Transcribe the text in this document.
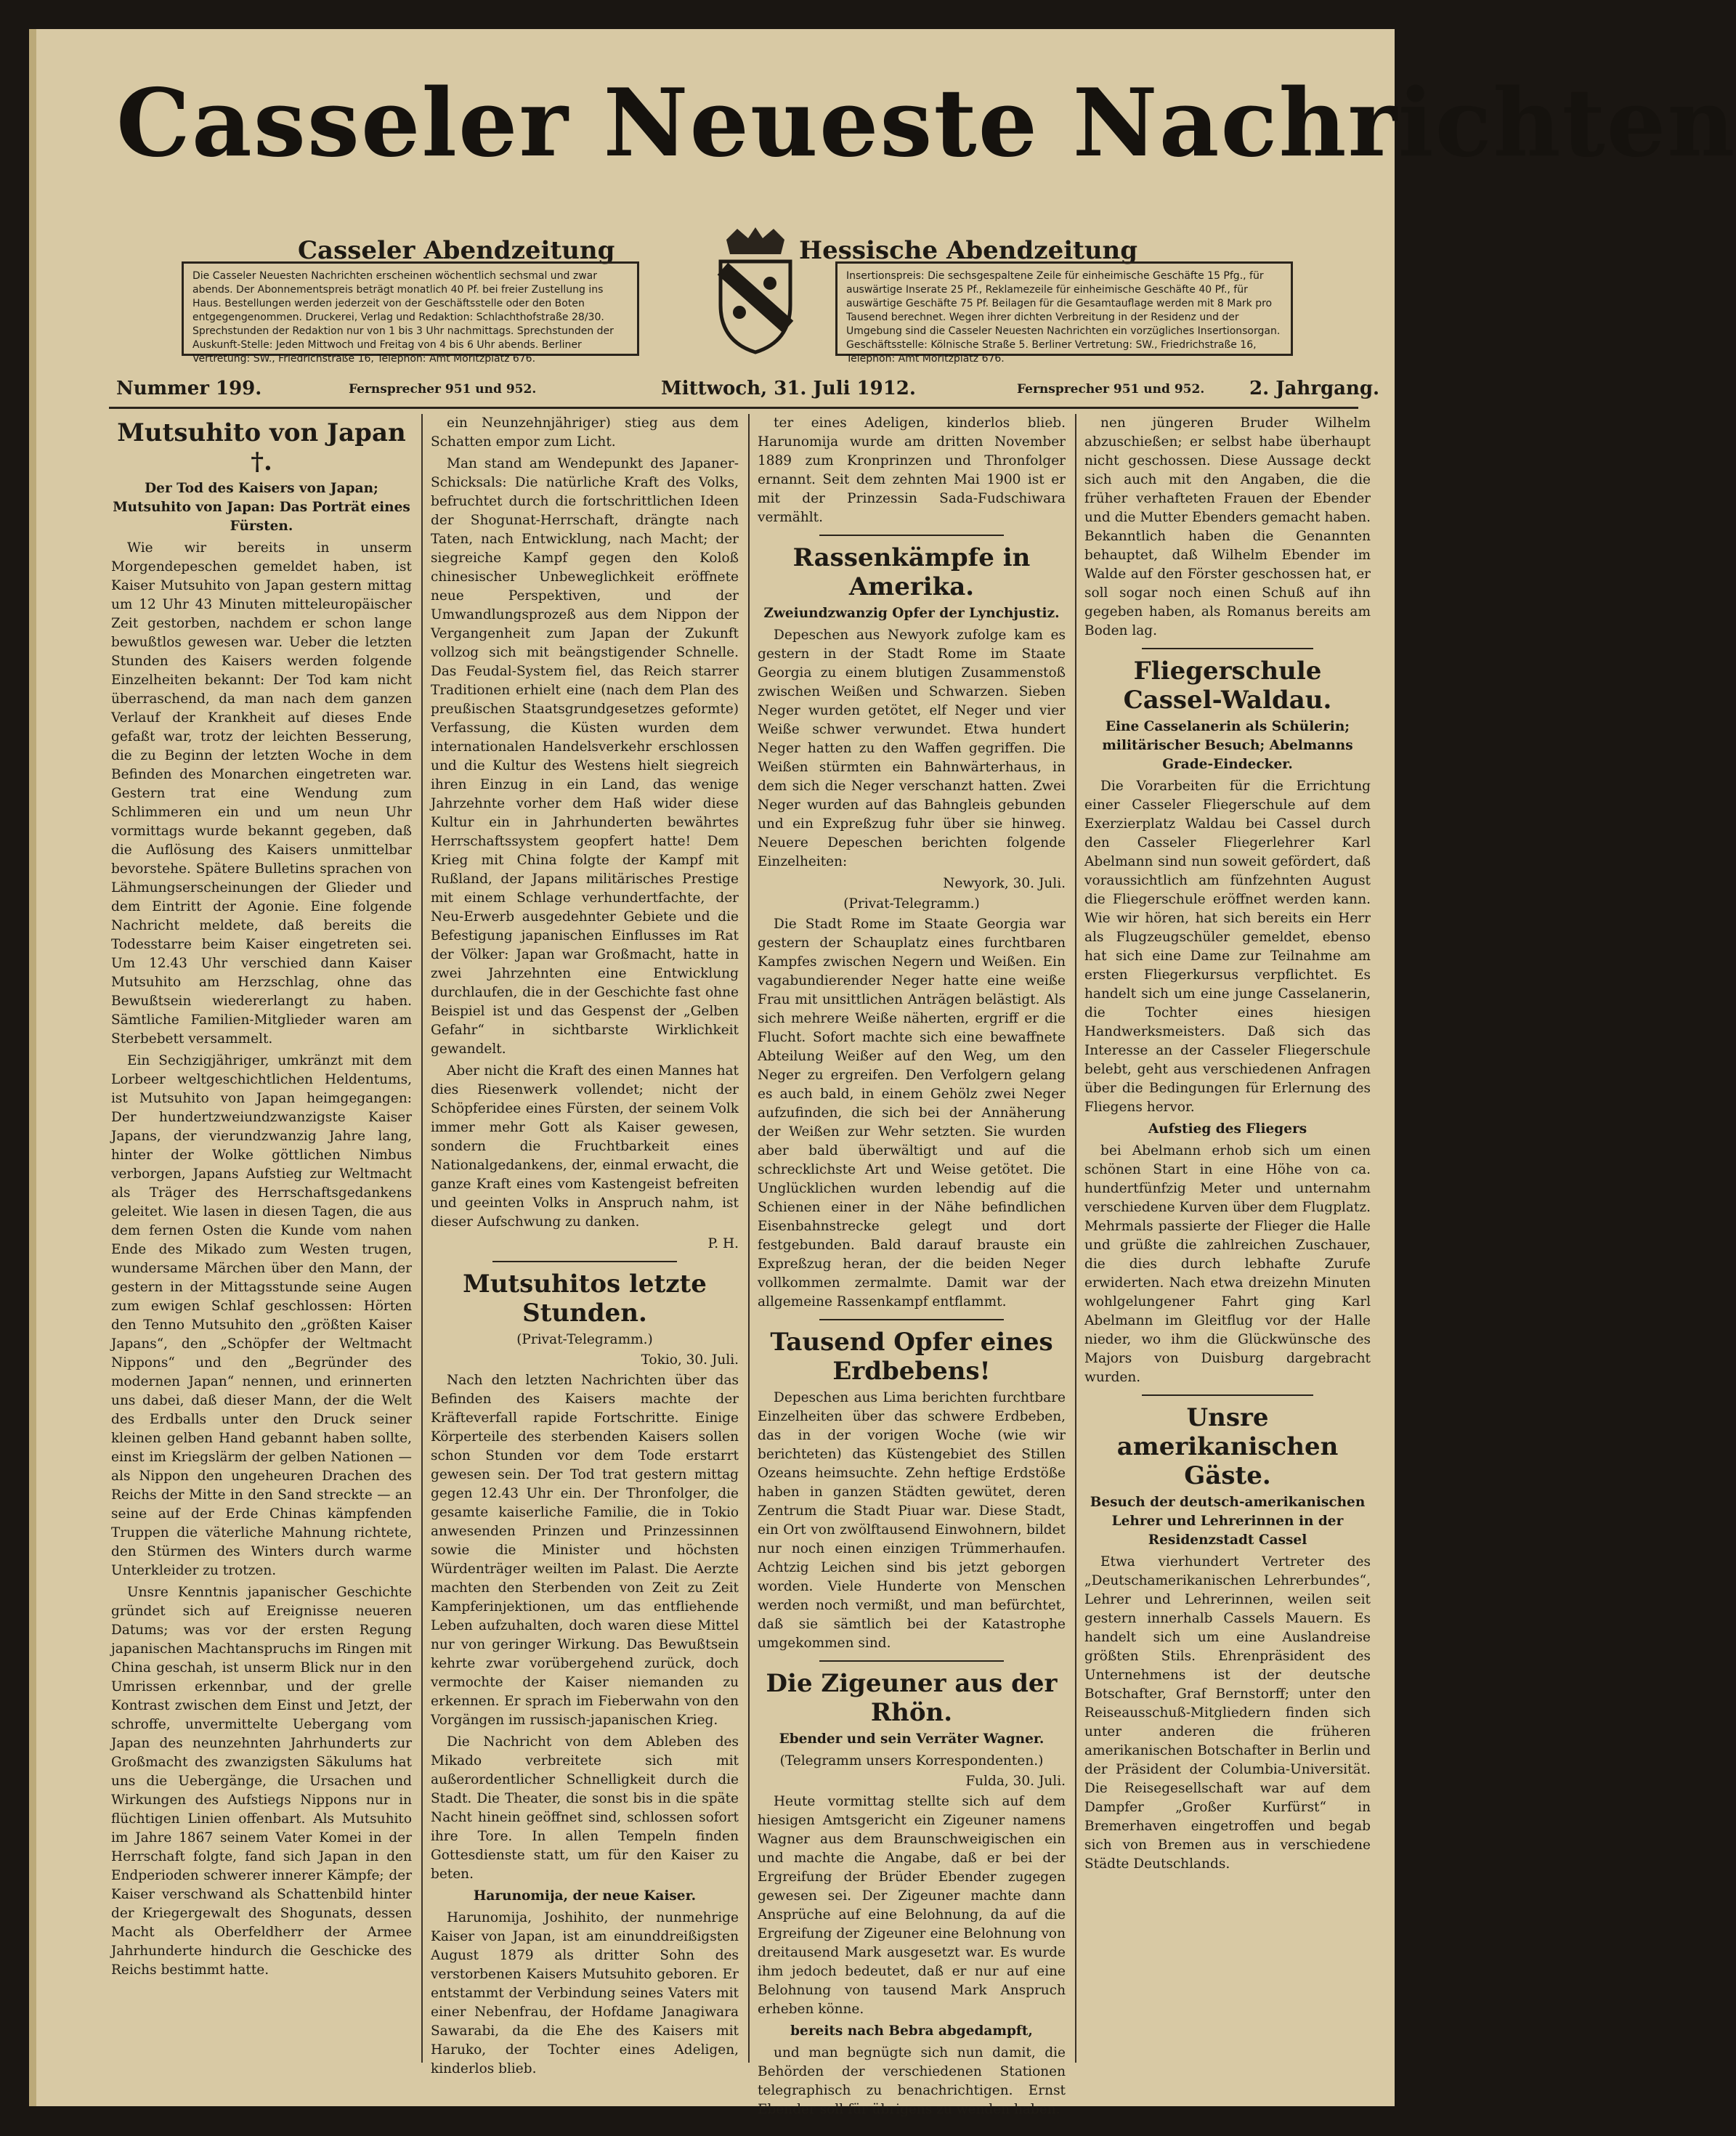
Casseler Neueste Nachrichten
Casseler Abendzeitung	Hessische Abendzeitung
Die Casseler Neuesten Nachrichten erscheinen wöchentlich sechsmal und zwar abends. Der Abonnementspreis beträgt monatlich 40 Pf. bei freier Zustellung ins Haus. Bestellungen werden jederzeit von der Geschäftsstelle oder den Boten entgegengenommen. Druckerei, Verlag und Redaktion: Schlachthofstraße 28/30. Sprechstunden der Redaktion nur von 1 bis 3 Uhr nachmittags. Sprechstunden der Auskunft-Stelle: Jeden Mittwoch und Freitag von 4 bis 6 Uhr abends. Berliner Vertretung: SW., Friedrichstraße 16, Telephon: Amt Moritzplatz 676.
Insertionspreis: Die sechsgespaltene Zeile für einheimische Geschäfte 15 Pfg., für auswärtige Inserate 25 Pf., Reklamezeile für einheimische Geschäfte 40 Pf., für auswärtige Geschäfte 75 Pf. Beilagen für die Gesamtauflage werden mit 8 Mark pro Tausend berechnet. Wegen ihrer dichten Verbreitung in der Residenz und der Umgebung sind die Casseler Neuesten Nachrichten ein vorzügliches Insertionsorgan. Geschäftsstelle: Kölnische Straße 5. Berliner Vertretung: SW., Friedrichstraße 16, Telephon: Amt Moritzplatz 676.
Nummer 199.	Fernsprecher 951 und 952.	Mittwoch, 31. Juli 1912.	Fernsprecher 951 und 952. 2. Jahrgang.
Mutsuhito von Japan †.
Der Tod des Kaisers von Japan; Mutsuhito von Japan: Das Porträt eines Fürsten.

Wie wir bereits in unserm Morgendepeschen gemeldet haben, ist Kaiser Mutsuhito von Japan gestern mittag um 12 Uhr 43 Minuten mitteleuropäischer Zeit gestorben, nachdem er schon lange bewußtlos gewesen war. Ueber die letzten Stunden des Kaisers werden folgende Einzelheiten bekannt: Der Tod kam nicht überraschend, da man nach dem ganzen Verlauf der Krankheit auf dieses Ende gefaßt war, trotz der leichten Besserung, die zu Beginn der letzten Woche in dem Befinden des Monarchen eingetreten war. Gestern trat eine Wendung zum Schlimmeren ein und um neun Uhr vormittags wurde bekannt gegeben, daß die Auflösung des Kaisers unmittelbar bevorstehe. Spätere Bulletins sprachen von Lähmungserscheinungen der Glieder und dem Eintritt der Agonie. Eine folgende Nachricht meldete, daß bereits die Todesstarre beim Kaiser eingetreten sei. Um 12.43 Uhr verschied dann Kaiser Mutsuhito am Herzschlag, ohne das Bewußtsein wiedererlangt zu haben. Sämtliche Familien-Mitglieder waren am Sterbebett versammelt.

Ein Sechzigjähriger, umkränzt mit dem Lorbeer weltgeschichtlichen Heldentums, ist Mutsuhito von Japan heimgegangen: Der hundertzweiundzwanzigste Kaiser Japans, der vierundzwanzig Jahre lang, hinter der Wolke göttlichen Nimbus verborgen, Japans Aufstieg zur Weltmacht als Träger des Herrschaftsgedankens geleitet. Wie lasen in diesen Tagen, die aus dem fernen Osten die Kunde vom nahen Ende des Mikado zum Westen trugen, wundersame Märchen über den Mann, der gestern in der Mittagsstunde seine Augen zum ewigen Schlaf geschlossen: Hörten den Tenno Mutsuhito den „größten Kaiser Japans“, den „Schöpfer der Weltmacht Nippons“ und den „Begründer des modernen Japan“ nennen, und erinnerten uns dabei, daß dieser Mann, der die Welt des Erdballs unter den Druck seiner kleinen gelben Hand gebannt haben sollte, einst im Kriegslärm der gelben Nationen — als Nippon den ungeheuren Drachen des Reichs der Mitte in den Sand streckte — an seine auf der Erde Chinas kämpfenden Truppen die väterliche Mahnung richtete, den Stürmen des Winters durch warme Unterkleider zu trotzen.

Unsre Kenntnis japanischer Geschichte gründet sich auf Ereignisse neueren Datums; was vor der ersten Regung japanischen Machtanspruchs im Ringen mit China geschah, ist unserm Blick nur in den Umrissen erkennbar, und der grelle Kontrast zwischen dem Einst und Jetzt, der schroffe, unvermittelte Uebergang vom Japan des neunzehnten Jahrhunderts zur Großmacht des zwanzigsten Säkulums hat uns die Uebergänge, die Ursachen und Wirkungen des Aufstiegs Nippons nur in flüchtigen Linien offenbart. Als Mutsuhito im Jahre 1867 seinem Vater Komei in der Herrschaft folgte, fand sich Japan in den Endperioden schwerer innerer Kämpfe; der Kaiser verschwand als Schattenbild hinter der Kriegergewalt des Shogunats, dessen Macht als Oberfeldherr der Armee Jahrhunderte hindurch die Geschicke des Reichs bestimmt hatte.

ein Neunzehnjähriger) stieg aus dem Schatten empor zum Licht.

Man stand am Wendepunkt des Japaner-Schicksals: Die natürliche Kraft des Volks, befruchtet durch die fortschrittlichen Ideen der Shogunat-Herrschaft, drängte nach Taten, nach Entwicklung, nach Macht; der siegreiche Kampf gegen den Koloß chinesischer Unbeweglichkeit eröffnete neue Perspektiven, und der Umwandlungsprozeß aus dem Nippon der Vergangenheit zum Japan der Zukunft vollzog sich mit beängstigender Schnelle. Das Feudal-System fiel, das Reich starrer Traditionen erhielt eine (nach dem Plan des preußischen Staatsgrundgesetzes geformte) Verfassung, die Küsten wurden dem internationalen Handelsverkehr erschlossen und die Kultur des Westens hielt siegreich ihren Einzug in ein Land, das wenige Jahrzehnte vorher dem Haß wider diese Kultur ein in Jahrhunderten bewährtes Herrschaftssystem geopfert hatte! Dem Krieg mit China folgte der Kampf mit Rußland, der Japans militärisches Prestige mit einem Schlage verhundertfachte, der Neu-Erwerb ausgedehnter Gebiete und die Befestigung japanischen Einflusses im Rat der Völker: Japan war Großmacht, hatte in zwei Jahrzehnten eine Entwicklung durchlaufen, die in der Geschichte fast ohne Beispiel ist und das Gespenst der „Gelben Gefahr“ in sichtbarste Wirklichkeit gewandelt.

Aber nicht die Kraft des einen Mannes hat dies Riesenwerk vollendet; nicht der Schöpferidee eines Fürsten, der seinem Volk immer mehr Gott als Kaiser gewesen, sondern die Fruchtbarkeit eines Nationalgedankens, der, einmal erwacht, die ganze Kraft eines vom Kastengeist befreiten und geeinten Volks in Anspruch nahm, ist dieser Aufschwung zu danken.

P. H.
Mutsuhitos letzte Stunden.
(Privat-Telegramm.)
Tokio, 30. Juli.

Nach den letzten Nachrichten über das Befinden des Kaisers machte der Kräfteverfall rapide Fortschritte. Einige Körperteile des sterbenden Kaisers sollen schon Stunden vor dem Tode erstarrt gewesen sein. Der Tod trat gestern mittag gegen 12.43 Uhr ein. Der Thronfolger, die gesamte kaiserliche Familie, die in Tokio anwesenden Prinzen und Prinzessinnen sowie die Minister und höchsten Würdenträger weilten im Palast. Die Aerzte machten den Sterbenden von Zeit zu Zeit Kampferinjektionen, um das entfliehende Leben aufzuhalten, doch waren diese Mittel nur von geringer Wirkung. Das Bewußtsein kehrte zwar vorübergehend zurück, doch vermochte der Kaiser niemanden zu erkennen. Er sprach im Fieberwahn von den Vorgängen im russisch-japanischen Krieg.

Die Nachricht von dem Ableben des Mikado verbreitete sich mit außerordentlicher Schnelligkeit durch die Stadt. Die Theater, die sonst bis in die späte Nacht hinein geöffnet sind, schlossen sofort ihre Tore. In allen Tempeln finden Gottesdienste statt, um für den Kaiser zu beten.

Harunomija, der neue Kaiser.

Harunomija, Joshihito, der nunmehrige Kaiser von Japan, ist am einunddreißigsten August 1879 als dritter Sohn des verstorbenen Kaisers Mutsuhito geboren. Er entstammt der Verbindung seines Vaters mit einer Nebenfrau, der Hofdame Janagiwara Sawarabi, da die Ehe des Kaisers mit Haruko, der Tochter eines Adeligen, kinderlos blieb.

ter eines Adeligen, kinderlos blieb. Harunomija wurde am dritten November 1889 zum Kronprinzen und Thronfolger ernannt. Seit dem zehnten Mai 1900 ist er mit der Prinzessin Sada-Fudschiwara vermählt.

Rassenkämpfe in Amerika.
Zweiundzwanzig Opfer der Lynchjustiz.

Depeschen aus Newyork zufolge kam es gestern in der Stadt Rome im Staate Georgia zu einem blutigen Zusammenstoß zwischen Weißen und Schwarzen. Sieben Neger wurden getötet, elf Neger und vier Weiße schwer verwundet. Etwa hundert Neger hatten zu den Waffen gegriffen. Die Weißen stürmten ein Bahnwärterhaus, in dem sich die Neger verschanzt hatten. Zwei Neger wurden auf das Bahngleis gebunden und ein Expreßzug fuhr über sie hinweg. Neuere Depeschen berichten folgende Einzelheiten:

Newyork, 30. Juli.
(Privat-Telegramm.)

Die Stadt Rome im Staate Georgia war gestern der Schauplatz eines furchtbaren Kampfes zwischen Negern und Weißen. Ein vagabundierender Neger hatte eine weiße Frau mit unsittlichen Anträgen belästigt. Als sich mehrere Weiße näherten, ergriff er die Flucht. Sofort machte sich eine bewaffnete Abteilung Weißer auf den Weg, um den Neger zu ergreifen. Den Verfolgern gelang es auch bald, in einem Gehölz zwei Neger aufzufinden, die sich bei der Annäherung der Weißen zur Wehr setzten. Sie wurden aber bald überwältigt und auf die schrecklichste Art und Weise getötet. Die Unglücklichen wurden lebendig auf die Schienen einer in der Nähe befindlichen Eisenbahnstrecke gelegt und dort festgebunden. Bald darauf brauste ein Expreßzug heran, der die beiden Neger vollkommen zermalmte. Damit war der allgemeine Rassenkampf entflammt.

Tausend Opfer eines Erdbebens!

Depeschen aus Lima berichten furchtbare Einzelheiten über das schwere Erdbeben, das in der vorigen Woche (wie wir berichteten) das Küstengebiet des Stillen Ozeans heimsuchte. Zehn heftige Erdstöße haben in ganzen Städten gewütet, deren Zentrum die Stadt Piuar war. Diese Stadt, ein Ort von zwölftausend Einwohnern, bildet nur noch einen einzigen Trümmerhaufen. Achtzig Leichen sind bis jetzt geborgen worden. Viele Hunderte von Menschen werden noch vermißt, und man befürchtet, daß sie sämtlich bei der Katastrophe umgekommen sind.

Die Zigeuner aus der Rhön.
Ebender und sein Verräter Wagner.
(Telegramm unsers Korrespondenten.)
Fulda, 30. Juli.

Heute vormittag stellte sich auf dem hiesigen Amtsgericht ein Zigeuner namens Wagner aus dem Braunschweigischen ein und machte die Angabe, daß er bei der Ergreifung der Brüder Ebender zugegen gewesen sei. Der Zigeuner machte dann Ansprüche auf eine Belohnung, da auf die Ergreifung der Zigeuner eine Belohnung von dreitausend Mark ausgesetzt war. Es wurde ihm jedoch bedeutet, daß er nur auf eine Belohnung von tausend Mark Anspruch erheben könne.

bereits nach Bebra abgedampft,

und man begnügte sich nun damit, die Behörden der verschiedenen Stationen telegraphisch zu benachrichtigen. Ernst Ebender soll für übrigens zu wenden haben.

nen jüngeren Bruder Wilhelm abzuschießen; er selbst habe überhaupt nicht geschossen. Diese Aussage deckt sich auch mit den Angaben, die die früher verhafteten Frauen der Ebender und die Mutter Ebenders gemacht haben. Bekanntlich haben die Genannten behauptet, daß Wilhelm Ebender im Walde auf den Förster geschossen hat, er soll sogar noch einen Schuß auf ihn gegeben haben, als Romanus bereits am Boden lag.

Fliegerschule Cassel-Waldau.
Eine Casselanerin als Schülerin; militärischer Besuch; Abelmanns Grade-Eindecker.

Die Vorarbeiten für die Errichtung einer Casseler Fliegerschule auf dem Exerzierplatz Waldau bei Cassel durch den Casseler Fliegerlehrer Karl Abelmann sind nun soweit gefördert, daß voraussichtlich am fünfzehnten August die Fliegerschule eröffnet werden kann. Wie wir hören, hat sich bereits ein Herr als Flugzeugschüler gemeldet, ebenso hat sich eine Dame zur Teilnahme am ersten Fliegerkursus verpflichtet. Es handelt sich um eine junge Casselanerin, die Tochter eines hiesigen Handwerksmeisters. Daß sich das Interesse an der Casseler Fliegerschule belebt, geht aus verschiedenen Anfragen über die Bedingungen für Erlernung des Fliegens hervor.

Aufstieg des Fliegers

bei Abelmann erhob sich um einen schönen Start in eine Höhe von ca. hundertfünfzig Meter und unternahm verschiedene Kurven über dem Flugplatz. Mehrmals passierte der Flieger die Halle und grüßte die zahlreichen Zuschauer, die dies durch lebhafte Zurufe erwiderten. Nach etwa dreizehn Minuten wohlgelungener Fahrt ging Karl Abelmann im Gleitflug vor der Halle nieder, wo ihm die Glückwünsche des Majors von Duisburg dargebracht wurden.

Unsre amerikanischen Gäste.
Besuch der deutsch-amerikanischen Lehrer und Lehrerinnen in der Residenzstadt Cassel

Etwa vierhundert Vertreter des „Deutschamerikanischen Lehrerbundes“, Lehrer und Lehrerinnen, weilen seit gestern innerhalb Cassels Mauern. Es handelt sich um eine Auslandreise größten Stils. Ehrenpräsident des Unternehmens ist der deutsche Botschafter, Graf Bernstorff; unter den Reiseausschuß-Mitgliedern finden sich unter anderen die früheren amerikanischen Botschafter in Berlin und der Präsident der Columbia-Universität. Die Reisegesellschaft war auf dem Dampfer „Großer Kurfürst“ in Bremerhaven eingetroffen und begab sich von Bremen aus in verschiedene Städte Deutschlands.
